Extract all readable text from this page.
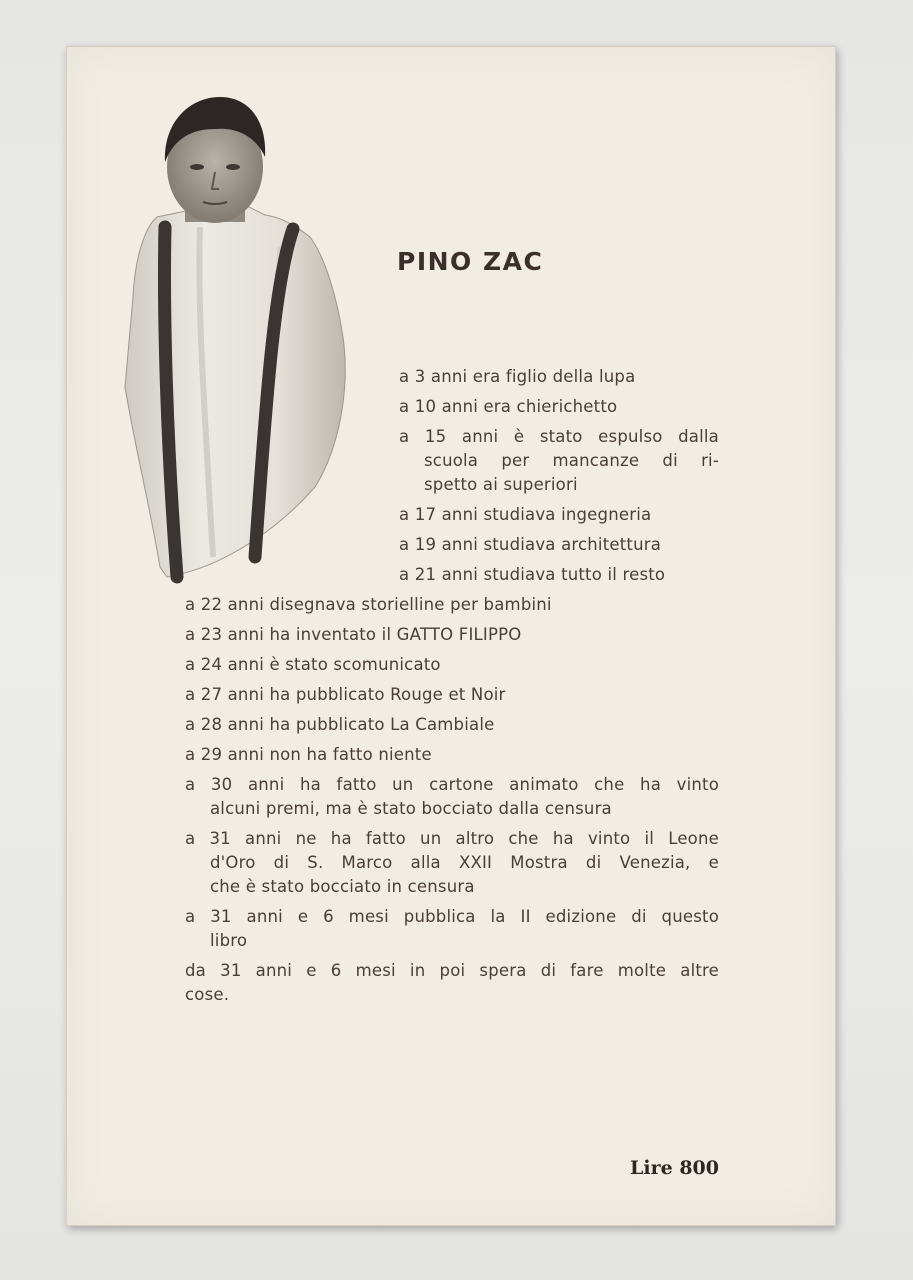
PINO ZAC

a 3 anni era figlio della lupa

a 10 anni era chierichetto

a 15 anni è stato espulso dalla
scuola per mancanze di ri-
spetto ai superiori

a 17 anni studiava ingegneria

a 19 anni studiava architettura

a 21 anni studiava tutto il resto

a 22 anni disegnava storielline per bambini

a 23 anni ha inventato il GATTO FILIPPO

a 24 anni è stato scomunicato

a 27 anni ha pubblicato Rouge et Noir

a 28 anni ha pubblicato La Cambiale

a 29 anni non ha fatto niente

a 30 anni ha fatto un cartone animato che ha vinto
alcuni premi, ma è stato bocciato dalla censura

a 31 anni ne ha fatto un altro che ha vinto il Leone
d'Oro di S. Marco alla XXII Mostra di Venezia, e
che è stato bocciato in censura

a 31 anni e 6 mesi pubblica la II edizione di questo
libro

da 31 anni e 6 mesi in poi spera di fare molte altre
cose.

Lire 800
